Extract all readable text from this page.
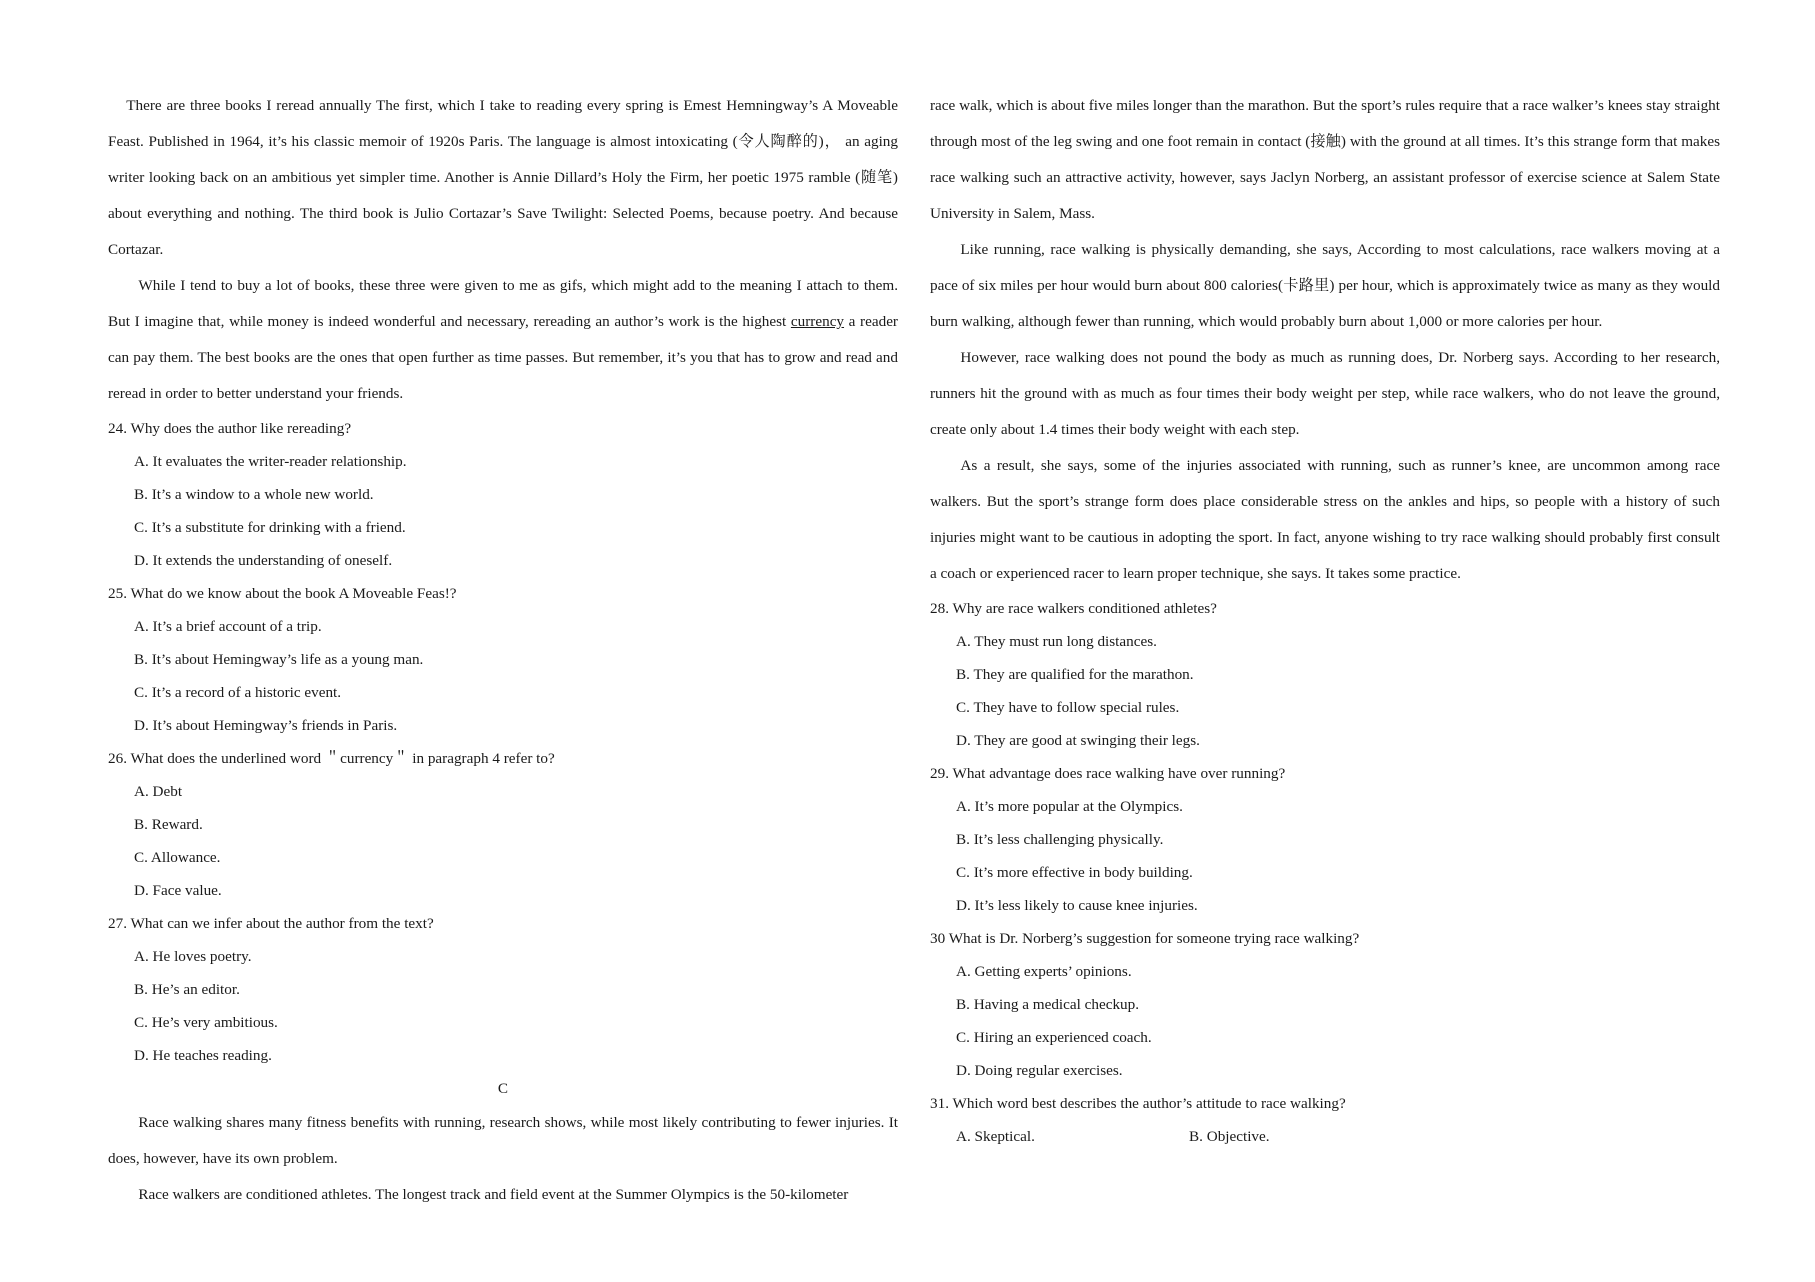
There are three books I reread annually The first, which I take to reading every spring is Emest Hemningway’s A Moveable Feast. Published in 1964, it’s his classic memoir of 1920s Paris. The language is almost intoxicating (令人陶醉的)， an aging writer looking back on an ambitious yet simpler time. Another is Annie Dillard’s Holy the Firm, her poetic 1975 ramble (随笔) about everything and nothing. The third book is Julio Cortazar’s Save Twilight: Selected Poems, because poetry. And because Cortazar.

While I tend to buy a lot of books, these three were given to me as gifs, which might add to the meaning I attach to them. But I imagine that, while money is indeed wonderful and necessary, rereading an author’s work is the highest currency a reader can pay them. The best books are the ones that open further as time passes. But remember, it’s you that has to grow and read and reread in order to better understand your friends.

24. Why does the author like rereading?

A. It evaluates the writer-reader relationship.

B. It’s a window to a whole new world.

C. It’s a substitute for drinking with a friend.

D. It extends the understanding of oneself.

25. What do we know about the book A Moveable Feas!?

A. It’s a brief account of a trip.

B. It’s about Hemingway’s life as a young man.

C. It’s a record of a historic event.

D. It’s about Hemingway’s friends in Paris.

26. What does the underlined word ＂currency＂ in paragraph 4 refer to?

A. Debt

B. Reward.

C. Allowance.

D. Face value.

27. What can we infer about the author from the text?

A. He loves poetry.

B. He’s an editor.

C. He’s very ambitious.

D. He teaches reading.

C

Race walking shares many fitness benefits with running, research shows, while most likely contributing to fewer injuries. It does, however, have its own problem.

Race walkers are conditioned athletes. The longest track and field event at the Summer Olympics is the 50-kilometer

race walk, which is about five miles longer than the marathon. But the sport’s rules require that a race walker’s knees stay straight through most of the leg swing and one foot remain in contact (接触) with the ground at all times. It’s this strange form that makes race walking such an attractive activity, however, says Jaclyn Norberg, an assistant professor of exercise science at Salem State University in Salem, Mass.

Like running, race walking is physically demanding, she says, According to most calculations, race walkers moving at a pace of six miles per hour would burn about 800 calories(卡路里) per hour, which is approximately twice as many as they would burn walking, although fewer than running, which would probably burn about 1,000 or more calories per hour.

However, race walking does not pound the body as much as running does, Dr. Norberg says. According to her research, runners hit the ground with as much as four times their body weight per step, while race walkers, who do not leave the ground, create only about 1.4 times their body weight with each step.

As a result, she says, some of the injuries associated with running, such as runner’s knee, are uncommon among race walkers. But the sport’s strange form does place considerable stress on the ankles and hips, so people with a history of such injuries might want to be cautious in adopting the sport. In fact, anyone wishing to try race walking should probably first consult a coach or experienced racer to learn proper technique, she says. It takes some practice.

28. Why are race walkers conditioned athletes?

A. They must run long distances.

B. They are qualified for the marathon.

C. They have to follow special rules.

D. They are good at swinging their legs.

29. What advantage does race walking have over running?

A. It’s more popular at the Olympics.

B. It’s less challenging physically.

C. It’s more effective in body building.

D. It’s less likely to cause knee injuries.

30 What is Dr. Norberg’s suggestion for someone trying race walking?

A. Getting experts’ opinions.

B. Having a medical checkup.

C. Hiring an experienced coach.

D. Doing regular exercises.

31. Which word best describes the author’s attitude to race walking?

A. Skeptical.	B. Objective.
